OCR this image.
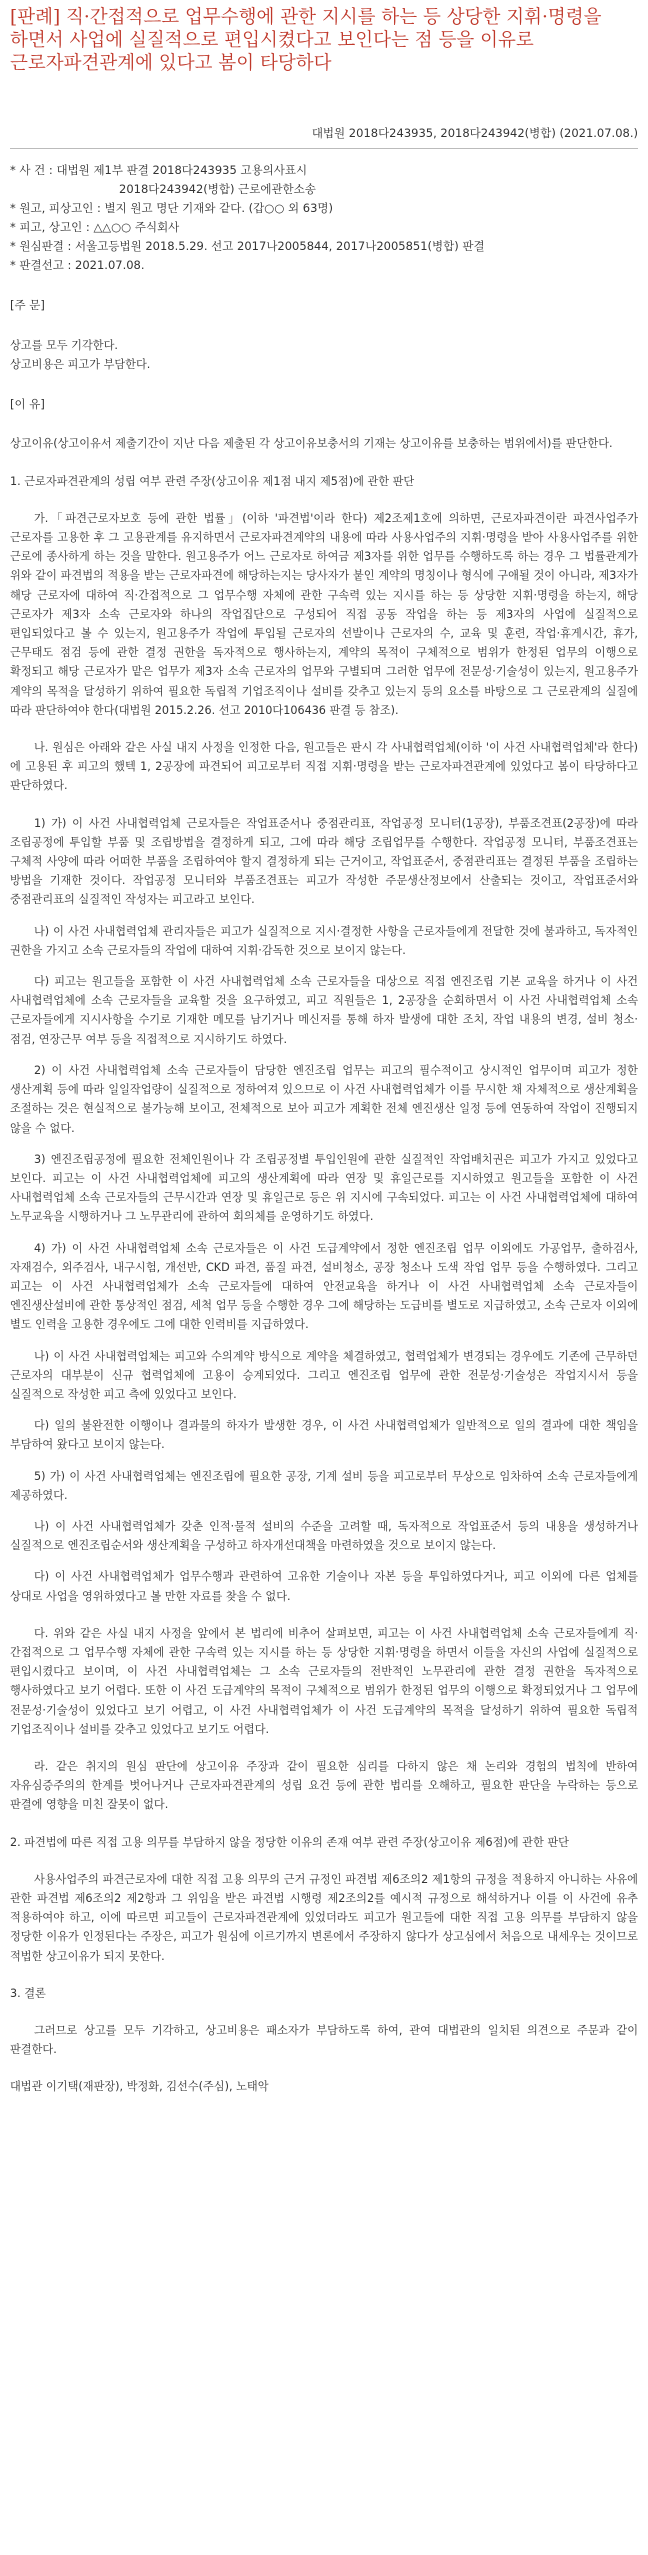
[판례] 직·간접적으로 업무수행에 관한 지시를 하는 등 상당한 지휘·명령을 하면서 사업에 실질적으로 편입시켰다고 보인다는 점 등을 이유로 근로자파견관계에 있다고 봄이 타당하다
대법원 2018다243935, 2018다243942(병합) (2021.07.08.)
* 사 건 : 대법원 제1부 판결 2018다243935 고용의사표시
2018다243942(병합) 근로에관한소송
* 원고, 피상고인 : 별지 원고 명단 기재와 같다. (갑○○ 외 63명)
* 피고, 상고인 : △△○○ 주식회사
* 원심판결 : 서울고등법원 2018.5.29. 선고 2017나2005844, 2017나2005851(병합) 판결
* 판결선고 : 2021.07.08.
[주 문]
상고를 모두 기각한다.
상고비용은 피고가 부담한다.
[이 유]

상고이유(상고이유서 제출기간이 지난 다음 제출된 각 상고이유보충서의 기재는 상고이유를 보충하는 범위에서)를 판단한다.

1. 근로자파견관계의 성립 여부 관련 주장(상고이유 제1점 내지 제5점)에 관한 판단

가.「파견근로자보호 등에 관한 법률」(이하 '파견법'이라 한다) 제2조제1호에 의하면, 근로자파견이란 파견사업주가 근로자를 고용한 후 그 고용관계를 유지하면서 근로자파견계약의 내용에 따라 사용사업주의 지휘·명령을 받아 사용사업주를 위한 근로에 종사하게 하는 것을 말한다. 원고용주가 어느 근로자로 하여금 제3자를 위한 업무를 수행하도록 하는 경우 그 법률관계가 위와 같이 파견법의 적용을 받는 근로자파견에 해당하는지는 당사자가 붙인 계약의 명칭이나 형식에 구애될 것이 아니라, 제3자가 해당 근로자에 대하여 직·간접적으로 그 업무수행 자체에 관한 구속력 있는 지시를 하는 등 상당한 지휘·명령을 하는지, 해당 근로자가 제3자 소속 근로자와 하나의 작업집단으로 구성되어 직접 공동 작업을 하는 등 제3자의 사업에 실질적으로 편입되었다고 볼 수 있는지, 원고용주가 작업에 투입될 근로자의 선발이나 근로자의 수, 교육 및 훈련, 작업·휴게시간, 휴가, 근무태도 점검 등에 관한 결정 권한을 독자적으로 행사하는지, 계약의 목적이 구체적으로 범위가 한정된 업무의 이행으로 확정되고 해당 근로자가 맡은 업무가 제3자 소속 근로자의 업무와 구별되며 그러한 업무에 전문성·기술성이 있는지, 원고용주가 계약의 목적을 달성하기 위하여 필요한 독립적 기업조직이나 설비를 갖추고 있는지 등의 요소를 바탕으로 그 근로관계의 실질에 따라 판단하여야 한다(대법원 2015.2.26. 선고 2010다106436 판결 등 참조).

나. 원심은 아래와 같은 사실 내지 사정을 인정한 다음, 원고들은 판시 각 사내협력업체(이하 '이 사건 사내협력업체'라 한다)에 고용된 후 피고의 했텍 1, 2공장에 파견되어 피고로부터 직접 지휘·명령을 받는 근로자파견관계에 있었다고 봄이 타당하다고 판단하였다.

1) 가) 이 사건 사내협력업체 근로자들은 작업표준서나 중점관리표, 작업공정 모니터(1공장), 부품조견표(2공장)에 따라 조립공정에 투입할 부품 및 조립방법을 결정하게 되고, 그에 따라 해당 조립업무를 수행한다. 작업공정 모니터, 부품조견표는 구체적 사양에 따라 어떠한 부품을 조립하여야 할지 결정하게 되는 근거이고, 작업표준서, 중점관리표는 결정된 부품을 조립하는 방법을 기재한 것이다. 작업공정 모니터와 부품조견표는 피고가 작성한 주문생산정보에서 산출되는 것이고, 작업표준서와 중점관리표의 실질적인 작성자는 피고라고 보인다.

나) 이 사건 사내협력업체 관리자들은 피고가 실질적으로 지시·결정한 사항을 근로자들에게 전달한 것에 불과하고, 독자적인 권한을 가지고 소속 근로자들의 작업에 대하여 지휘·감독한 것으로 보이지 않는다.

다) 피고는 원고들을 포함한 이 사건 사내협력업체 소속 근로자들을 대상으로 직접 엔진조립 기본 교육을 하거나 이 사건 사내협력업체에 소속 근로자들을 교육할 것을 요구하였고, 피고 직원들은 1, 2공장을 순회하면서 이 사건 사내협력업체 소속 근로자들에게 지시사항을 수기로 기재한 메모를 남기거나 메신저를 통해 하자 발생에 대한 조치, 작업 내용의 변경, 설비 청소·점검, 연장근무 여부 등을 직접적으로 지시하기도 하였다.

2) 이 사건 사내협력업체 소속 근로자들이 담당한 엔진조립 업무는 피고의 필수적이고 상시적인 업무이며 피고가 정한 생산계획 등에 따라 일일작업량이 실질적으로 정하여져 있으므로 이 사건 사내협력업체가 이를 무시한 채 자체적으로 생산계획을 조절하는 것은 현실적으로 불가능해 보이고, 전체적으로 보아 피고가 계획한 전체 엔진생산 일정 등에 연동하여 작업이 진행되지 않을 수 없다.

3) 엔진조립공정에 필요한 전체인원이나 각 조립공정별 투입인원에 관한 실질적인 작업배치권은 피고가 가지고 있었다고 보인다. 피고는 이 사건 사내협력업체에 피고의 생산계획에 따라 연장 및 휴일근로를 지시하였고 원고들을 포함한 이 사건 사내협력업체 소속 근로자들의 근무시간과 연장 및 휴일근로 등은 위 지시에 구속되었다. 피고는 이 사건 사내협력업체에 대하여 노무교육을 시행하거나 그 노무관리에 관하여 회의체를 운영하기도 하였다.

4) 가) 이 사건 사내협력업체 소속 근로자들은 이 사건 도급계약에서 정한 엔진조립 업무 이외에도 가공업무, 출하검사, 자재검수, 외주검사, 내구시험, 개선반, CKD 파견, 품질 파견, 설비청소, 공장 청소나 도색 작업 업무 등을 수행하였다. 그리고 피고는 이 사건 사내협력업체가 소속 근로자들에 대하여 안전교육을 하거나 이 사건 사내협력업체 소속 근로자들이 엔진생산설비에 관한 통상적인 점검, 세척 업무 등을 수행한 경우 그에 해당하는 도급비를 별도로 지급하였고, 소속 근로자 이외에 별도 인력을 고용한 경우에도 그에 대한 인력비를 지급하였다.

나) 이 사건 사내협력업체는 피고와 수의계약 방식으로 계약을 체결하였고, 협력업체가 변경되는 경우에도 기존에 근무하던 근로자의 대부분이 신규 협력업체에 고용이 승계되었다. 그리고 엔진조립 업무에 관한 전문성·기술성은 작업지시서 등을 실질적으로 작성한 피고 측에 있었다고 보인다.

다) 일의 불완전한 이행이나 결과물의 하자가 발생한 경우, 이 사건 사내협력업체가 일반적으로 일의 결과에 대한 책임을 부담하여 왔다고 보이지 않는다.

5) 가) 이 사건 사내협력업체는 엔진조립에 필요한 공장, 기계 설비 등을 피고로부터 무상으로 임차하여 소속 근로자들에게 제공하였다.

나) 이 사건 사내협력업체가 갖춘 인적·물적 설비의 수준을 고려할 때, 독자적으로 작업표준서 등의 내용을 생성하거나 실질적으로 엔진조립순서와 생산계획을 구성하고 하자개선대책을 마련하였을 것으로 보이지 않는다.

다) 이 사건 사내협력업체가 업무수행과 관련하여 고유한 기술이나 자본 등을 투입하였다거나, 피고 이외에 다른 업체를 상대로 사업을 영위하였다고 볼 만한 자료를 찾을 수 없다.

다. 위와 같은 사실 내지 사정을 앞에서 본 법리에 비추어 살펴보면, 피고는 이 사건 사내협력업체 소속 근로자들에게 직·간접적으로 그 업무수행 자체에 관한 구속력 있는 지시를 하는 등 상당한 지휘·명령을 하면서 이들을 자신의 사업에 실질적으로 편입시켰다고 보이며, 이 사건 사내협력업체는 그 소속 근로자들의 전반적인 노무관리에 관한 결정 권한을 독자적으로 행사하였다고 보기 어렵다. 또한 이 사건 도급계약의 목적이 구체적으로 범위가 한정된 업무의 이행으로 확정되었거나 그 업무에 전문성·기술성이 있었다고 보기 어렵고, 이 사건 사내협력업체가 이 사건 도급계약의 목적을 달성하기 위하여 필요한 독립적 기업조직이나 설비를 갖추고 있었다고 보기도 어렵다.

라. 같은 취지의 원심 판단에 상고이유 주장과 같이 필요한 심리를 다하지 않은 채 논리와 경험의 법칙에 반하여 자유심증주의의 한계를 벗어나거나 근로자파견관계의 성립 요건 등에 관한 법리를 오해하고, 필요한 판단을 누락하는 등으로 판결에 영향을 미친 잘못이 없다.

2. 파견법에 따른 직접 고용 의무를 부담하지 않을 정당한 이유의 존재 여부 관련 주장(상고이유 제6점)에 관한 판단

사용사업주의 파견근로자에 대한 직접 고용 의무의 근거 규정인 파견법 제6조의2 제1항의 규정을 적용하지 아니하는 사유에 관한 파견법 제6조의2 제2항과 그 위임을 받은 파견법 시행령 제2조의2를 예시적 규정으로 해석하거나 이를 이 사건에 유추 적용하여야 하고, 이에 따르면 피고들이 근로자파견관계에 있었더라도 피고가 원고들에 대한 직접 고용 의무를 부담하지 않을 정당한 이유가 인정된다는 주장은, 피고가 원심에 이르기까지 변론에서 주장하지 않다가 상고심에서 처음으로 내세우는 것이므로 적법한 상고이유가 되지 못한다.

3. 결론

그러므로 상고를 모두 기각하고, 상고비용은 패소자가 부담하도록 하여, 관여 대법관의 일치된 의견으로 주문과 같이 판결한다.

대법관 이기택(재판장), 박정화, 김선수(주심), 노태악
